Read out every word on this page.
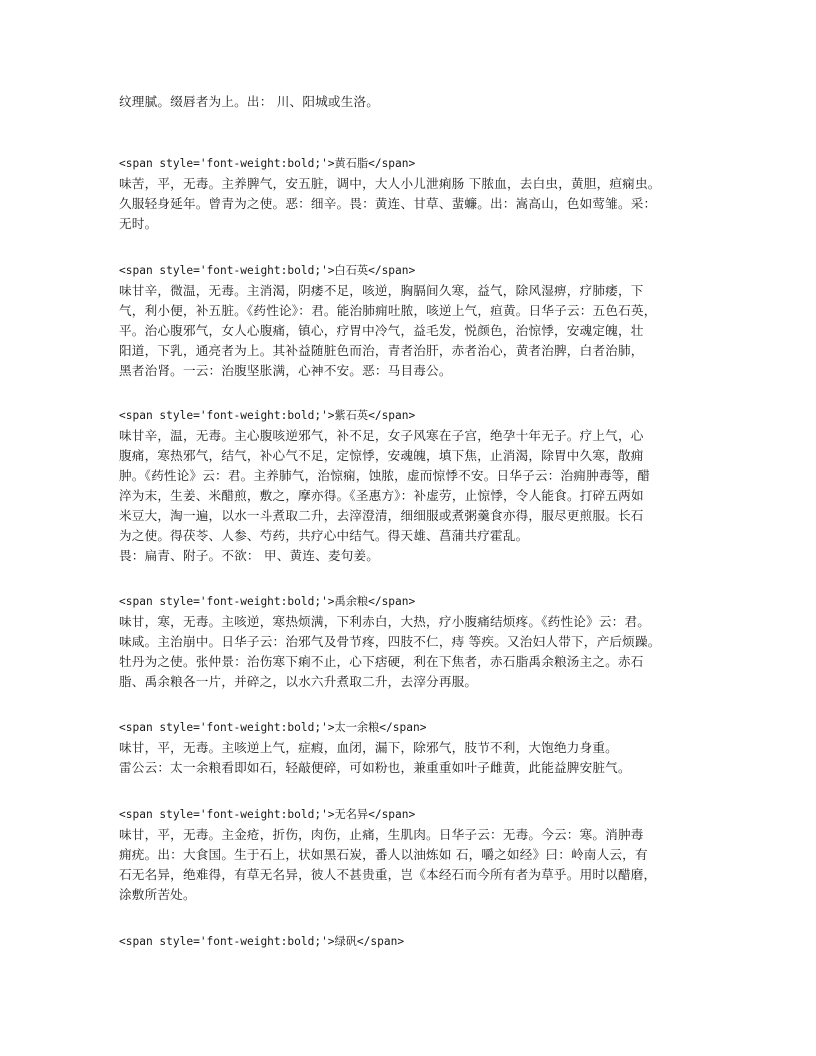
纹理腻。缀唇者为上。出： 川、阳城或生洛。
<span style='font-weight:bold;'>黄石脂</span>
味苦，平，无毒。主养脾气，安五脏，调中，大人小儿泄痢肠 下脓血，去白虫，黄胆，疸痫虫。
久服轻身延年。曾青为之使。恶：细辛。畏：黄连、甘草、蜚蠊。出：嵩高山，色如莺雏。采：
无时。
<span style='font-weight:bold;'>白石英</span>
味甘辛，微温，无毒。主消渴，阴痿不足，咳逆，胸膈间久寒，益气，除风湿痹，疗肺痿，下
气，利小便，补五脏。《药性论》：君。能治肺痈吐脓，咳逆上气，疸黄。日华子云：五色石英，
平。治心腹邪气，女人心腹痛，镇心，疗胃中冷气，益毛发，悦颜色，治惊悸，安魂定魄，壮
阳道，下乳，通亮者为上。其补益随脏色而治，青者治肝，赤者治心，黄者治脾，白者治肺，
黑者治肾。一云：治腹坚胀满，心神不安。恶：马目毒公。
<span style='font-weight:bold;'>紫石英</span>
味甘辛，温，无毒。主心腹咳逆邪气，补不足，女子风寒在子宫，绝孕十年无子。疗上气，心
腹痛，寒热邪气，结气，补心气不足，定惊悸，安魂魄，填下焦，止消渴，除胃中久寒，散痈
肿。《药性论》云：君。主养肺气，治惊痫，蚀脓，虚而惊悸不安。日华子云：治痈肿毒等，醋
淬为末，生姜、米醋煎，敷之，摩亦得。《圣惠方》：补虚劳，止惊悸，令人能食。打碎五两如
米豆大，淘一遍，以水一斗煮取二升，去滓澄清，细细服或煮粥羹食亦得，服尽更煎服。长石
为之使。得茯苓、人参、芍药，共疗心中结气。得天雄、菖蒲共疗霍乱。
畏：扁青、附子。不欲： 甲、黄连、麦句姜。
<span style='font-weight:bold;'>禹余粮</span>
味甘，寒，无毒。主咳逆，寒热烦满，下利赤白，大热，疗小腹痛结烦疼。《药性论》云：君。
味咸。主治崩中。日华子云：治邪气及骨节疼，四肢不仁，痔 等疾。又治妇人带下，产后烦躁。
牡丹为之使。张仲景：治伤寒下痢不止，心下痞硬，利在下焦者，赤石脂禹余粮汤主之。赤石
脂、禹余粮各一片，并碎之，以水六升煮取二升，去滓分再服。
<span style='font-weight:bold;'>太一余粮</span>
味甘，平，无毒。主咳逆上气，症瘕，血闭，漏下，除邪气，肢节不利，大饱绝力身重。
雷公云：太一余粮看即如石，轻敲便碎，可如粉也，兼重重如叶子雌黄，此能益脾安脏气。
<span style='font-weight:bold;'>无名异</span>
味甘，平，无毒。主金疮，折伤，肉伤，止痛，生肌肉。日华子云：无毒。今云：寒。消肿毒
痈疣。出：大食国。生于石上，状如黑石炭，番人以油炼如 石，嚼之如经》曰：岭南人云，有
石无名异，绝难得，有草无名异，彼人不甚贵重，岂《本经石而今所有者为草乎。用时以醋磨，
涂敷所苦处。
<span style='font-weight:bold;'>绿矾</span>
